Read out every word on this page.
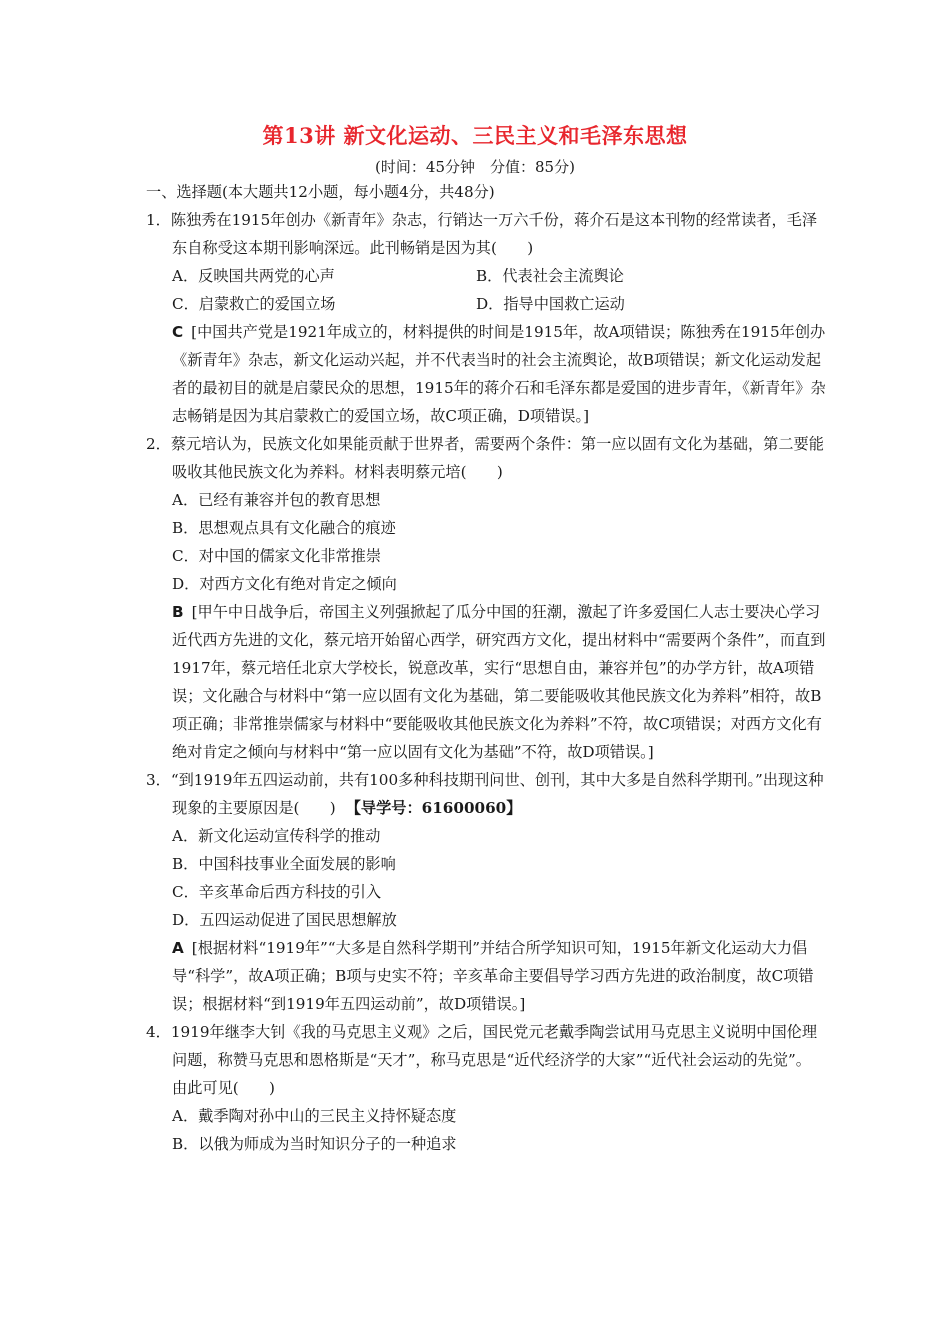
第13讲 新文化运动、三民主义和毛泽东思想
(时间：45分钟　分值：85分)
一、选择题(本大题共12小题，每小题4分，共48分)
1．陈独秀在1915年创办《新青年》杂志，行销达一万六千份，蒋介石是这本刊物的经常读者，毛泽东自称受这本期刊影响深远。此刊畅销是因为其(　　)
A．反映国共两党的心声	B．代表社会主流舆论
C．启蒙救亡的爱国立场	D．指导中国救亡运动
C [中国共产党是1921年成立的，材料提供的时间是1915年，故A项错误；陈独秀在1915年创办《新青年》杂志，新文化运动兴起，并不代表当时的社会主流舆论，故B项错误；新文化运动发起者的最初目的就是启蒙民众的思想，1915年的蒋介石和毛泽东都是爱国的进步青年，《新青年》杂志畅销是因为其启蒙救亡的爱国立场，故C项正确，D项错误。]
2．蔡元培认为，民族文化如果能贡献于世界者，需要两个条件：第一应以固有文化为基础，第二要能吸收其他民族文化为养料。材料表明蔡元培(　　)
A．已经有兼容并包的教育思想
B．思想观点具有文化融合的痕迹
C．对中国的儒家文化非常推崇
D．对西方文化有绝对肯定之倾向
B [甲午中日战争后，帝国主义列强掀起了瓜分中国的狂潮，激起了许多爱国仁人志士要决心学习近代西方先进的文化，蔡元培开始留心西学，研究西方文化，提出材料中“需要两个条件”，而直到1917年，蔡元培任北京大学校长，锐意改革，实行“思想自由，兼容并包”的办学方针，故A项错误；文化融合与材料中“第一应以固有文化为基础，第二要能吸收其他民族文化为养料”相符，故B项正确；非常推崇儒家与材料中“要能吸收其他民族文化为养料”不符，故C项错误；对西方文化有绝对肯定之倾向与材料中“第一应以固有文化为基础”不符，故D项错误。]
3．“到1919年五四运动前，共有100多种科技期刊问世、创刊，其中大多是自然科学期刊。”出现这种现象的主要原因是(　　) 【导学号：61600060】
A．新文化运动宣传科学的推动
B．中国科技事业全面发展的影响
C．辛亥革命后西方科技的引入
D．五四运动促进了国民思想解放
A [根据材料“1919年”“大多是自然科学期刊”并结合所学知识可知，1915年新文化运动大力倡导“科学”，故A项正确；B项与史实不符；辛亥革命主要倡导学习西方先进的政治制度，故C项错误；根据材料“到1919年五四运动前”，故D项错误。]
4．1919年继李大钊《我的马克思主义观》之后，国民党元老戴季陶尝试用马克思主义说明中国伦理问题，称赞马克思和恩格斯是“天才”，称马克思是“近代经济学的大家”“近代社会运动的先觉”。由此可见(　　)
A．戴季陶对孙中山的三民主义持怀疑态度
B．以俄为师成为当时知识分子的一种追求
